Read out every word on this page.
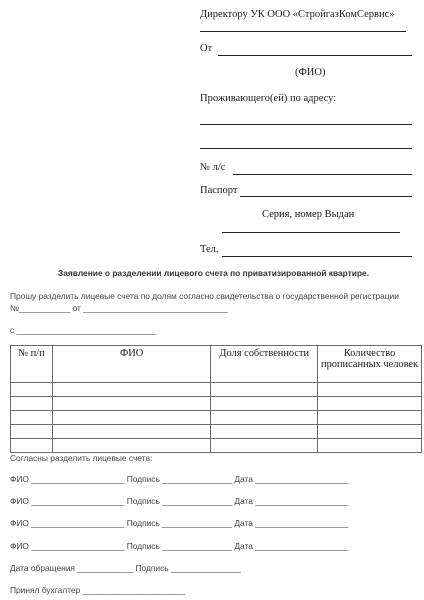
Директору УК ООО «СтройгазКомСервис»
От
(ФИО)
Проживающего(ей) по адресу:
№ л/с
Паспорт
Серия, номер Выдан
Тел.
Заявление о разделении лицевого счета по приватизированной квартире.
Прошу разделить лицевые счета по долям согласно свидетельства о государственной регистрации
№___________ от _______________________________
с ______________________________
№ п/п	ФИО	Доля собственности	Количество прописанных человек

Согласны разделить лицевые счета:
ФИО ____________________ Подпись _______________ Дата ____________________
ФИО ____________________ Подпись _______________ Дата ____________________
ФИО ____________________ Подпись _______________ Дата ____________________
ФИО ____________________ Подпись _______________ Дата ____________________
Дата обращения ____________ Подпись _______________
Принял бухгалтер ______________________
